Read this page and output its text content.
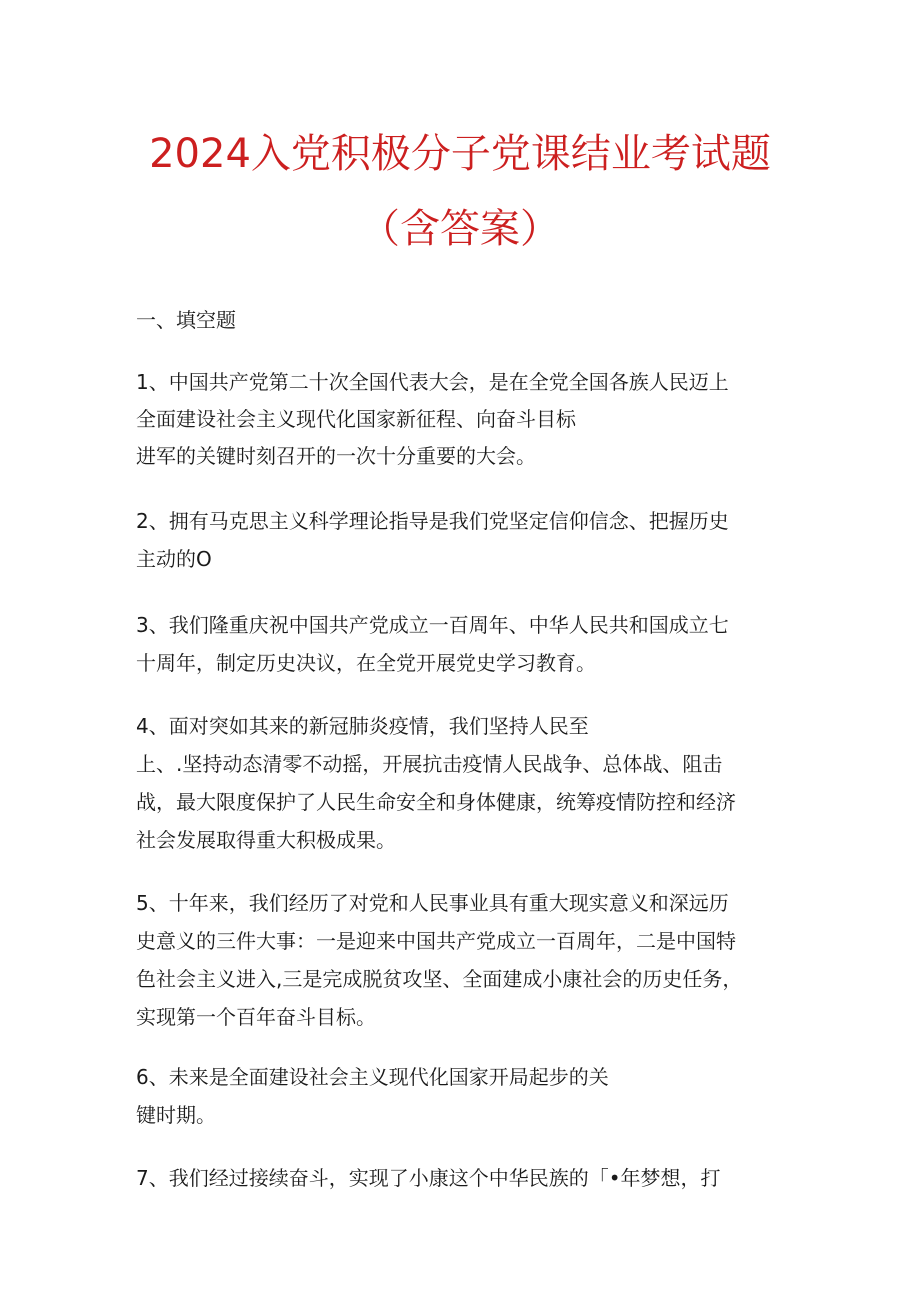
2024入党积极分子党课结业考试题
（含答案）

一、填空题

1、中国共产党第二十次全国代表大会，是在全党全国各族人民迈上
全面建设社会主义现代化国家新征程、向奋斗目标
进军的关键时刻召开的一次十分重要的大会。
2、拥有马克思主义科学理论指导是我们党坚定信仰信念、把握历史
主动的O
3、我们隆重庆祝中国共产党成立一百周年、中华人民共和国成立七
十周年，制定历史决议，在全党开展党史学习教育。
4、面对突如其来的新冠肺炎疫情，我们坚持人民至
上、.坚持动态清零不动摇，开展抗击疫情人民战争、总体战、阻击
战，最大限度保护了人民生命安全和身体健康，统筹疫情防控和经济
社会发展取得重大积极成果。
5、十年来，我们经历了对党和人民事业具有重大现实意义和深远历
史意义的三件大事：一是迎来中国共产党成立一百周年，二是中国特
色社会主义进入,三是完成脱贫攻坚、全面建成小康社会的历史任务，
实现第一个百年奋斗目标。
6、未来是全面建设社会主义现代化国家开局起步的关
键时期。
7、我们经过接续奋斗，实现了小康这个中华民族的「•年梦想，打
